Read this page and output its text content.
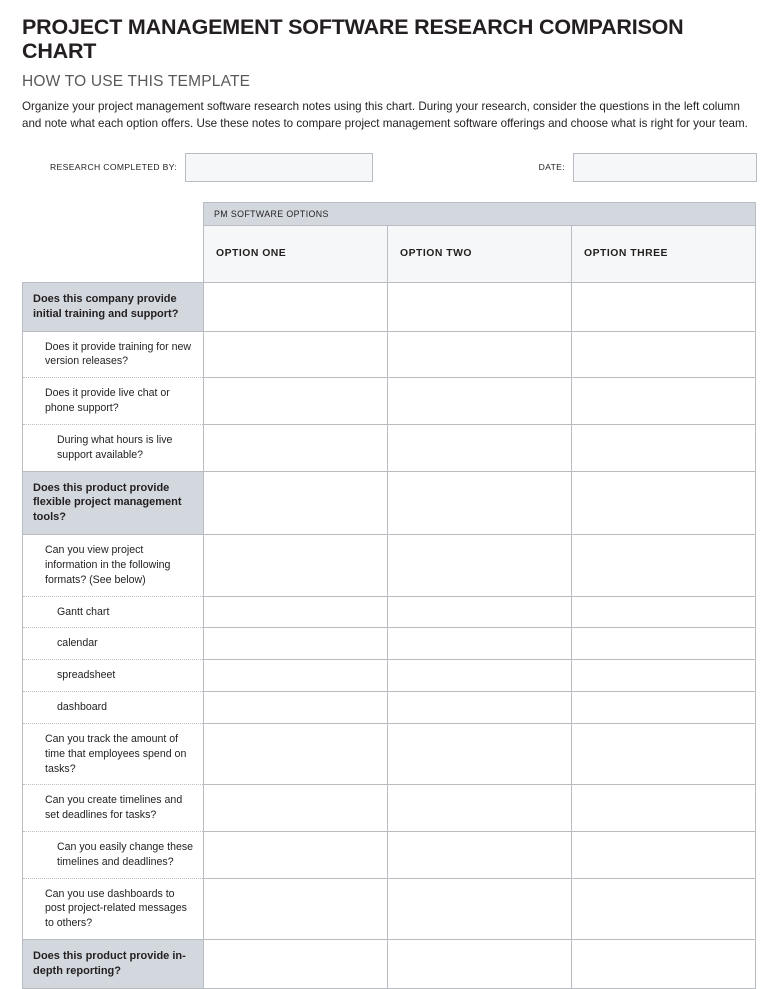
PROJECT MANAGEMENT SOFTWARE RESEARCH COMPARISON CHART
HOW TO USE THIS TEMPLATE

Organize your project management software research notes using this chart. During your research, consider the questions in the left column and note what each option offers. Use these notes to compare project management software offerings and choose what is right for your team.

RESEARCH COMPLETED BY:	DATE:
	PM SOFTWARE OPTIONS		
	OPTION ONE	OPTION TWO	OPTION THREE
Does this company provide initial training and support?			
Does it provide training for new version releases?			
Does it provide live chat or phone support?			
During what hours is live support available?			
Does this product provide flexible project management tools?			
Can you view project information in the following formats? (See below)			
Gantt chart			
calendar			
spreadsheet			
dashboard			
Can you track the amount of time that employees spend on tasks?			
Can you create timelines and set deadlines for tasks?			
Can you easily change these timelines and deadlines?			
Can you use dashboards to post project-related messages to others?			
Does this product provide in-depth reporting?			
